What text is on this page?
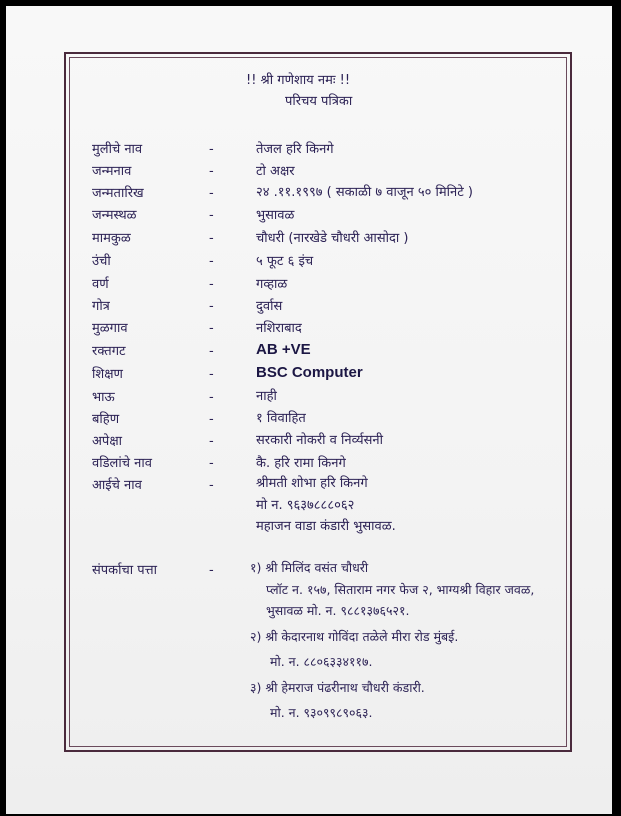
!! श्री गणेशाय नमः !!
परिचय पत्रिका
मुलीचे नाव	-	तेजल हरि किनगे
जन्मनाव	-	टो अक्षर
जन्मतारिख	-	२४ .११.१९९७ ( सकाळी ७ वाजून ५० मिनिटे )
जन्मस्थळ	-	भुसावळ
मामकुळ	-	चौधरी (नारखेडे चौधरी आसोदा )
उंची	-	५ फूट ६ इंच
वर्ण	-	गव्हाळ
गोत्र	-	दुर्वास
मुळगाव	-	नशिराबाद
रक्तगट	-	AB +VE
शिक्षण	-	BSC Computer
भाऊ	-	नाही
बहिण	-	१ विवाहित
अपेक्षा	-	सरकारी नोकरी व निर्व्यसनी
वडिलांचे नाव	-	कै. हरि रामा किनगे
आईचे नाव	-	श्रीमती शोभा हरि किनगे
मो न. ९६३७८८८०६२
महाजन वाडा कंडारी भुसावळ.
संपर्काचा पत्ता	-	१) श्री मिलिंद वसंत चौधरी
प्लॉट न. १५७, सिताराम नगर फेज २, भाग्यश्री विहार जवळ,
भुसावळ मो. न. ९८८१३७६५२१.
२) श्री केदारनाथ गोविंदा तळेले मीरा रोड मुंबई.
मो. न. ८८०६३३४११७.
३) श्री हेमराज पंढरीनाथ चौधरी कंडारी.
मो. न. ९३०९९८९०६३.
